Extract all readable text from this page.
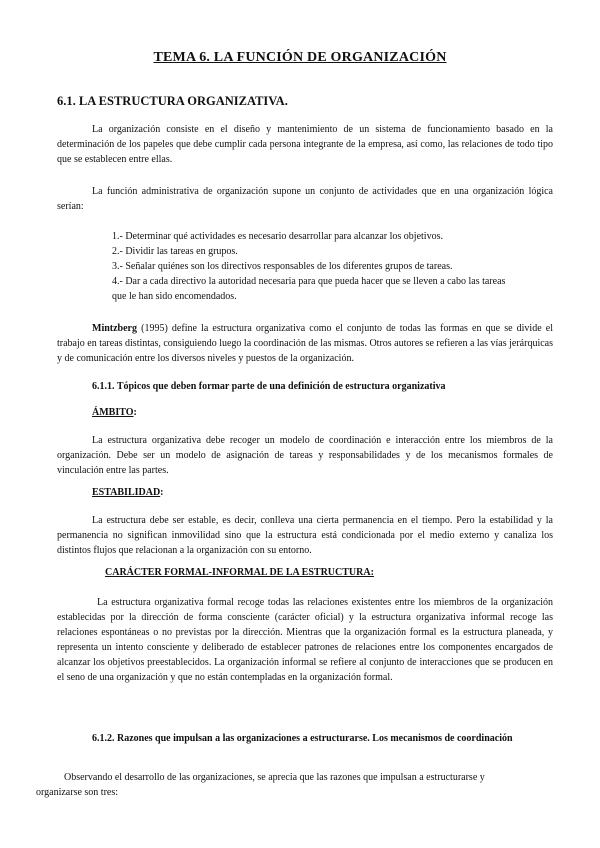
TEMA 6. LA FUNCIÓN DE ORGANIZACIÓN
6.1. LA ESTRUCTURA ORGANIZATIVA.

La organización consiste en el diseño y mantenimiento de un sistema de funcionamiento basado en la determinación de los papeles que debe cumplir cada persona integrante de la empresa, así como, las relaciones de todo tipo que se establecen entre ellas.

La función administrativa de organización supone un conjunto de actividades que en una organización lógica serían:

1.- Determinar qué actividades es necesario desarrollar para alcanzar los objetivos.

2.- Dividir las tareas en grupos.

3.- Señalar quiénes son los directivos responsables de los diferentes grupos de tareas.

4.- Dar a cada directivo la autoridad necesaria para que pueda hacer que se lleven a cabo las tareas que le han sido encomendados.

Mintzberg (1995) define la estructura organizativa como el conjunto de todas las formas en que se divide el trabajo en tareas distintas, consiguiendo luego la coordinación de las mismas. Otros autores se refieren a las vías jerárquicas y de comunicación entre los diversos niveles y puestos de la organización.

6.1.1. Tópicos que deben formar parte de una definición de estructura organizativa

ÁMBITO:

La estructura organizativa debe recoger un modelo de coordinación e interacción entre los miembros de la organización. Debe ser un modelo de asignación de tareas y responsabilidades y de los mecanismos formales de vinculación entre las partes.

ESTABILIDAD:

La estructura debe ser estable, es decir, conlleva una cierta permanencia en el tiempo. Pero la estabilidad y la permanencia no significan inmovilidad sino que la estructura está condicionada por el medio externo y canaliza los distintos flujos que relacionan a la organización con su entorno.

CARÁCTER FORMAL-INFORMAL DE LA ESTRUCTURA:

La estructura organizativa formal recoge todas las relaciones existentes entre los miembros de la organización establecidas por la dirección de forma consciente (carácter oficial) y la estructura organizativa informal recoge las relaciones espontáneas o no previstas por la dirección. Mientras que la organización formal es la estructura planeada, y representa un intento consciente y deliberado de establecer patrones de relaciones entre los componentes encargados de alcanzar los objetivos preestablecidos. La organización informal se refiere al conjunto de interacciones que se producen en el seno de una organización y que no están contempladas en la organización formal.

6.1.2. Razones que impulsan a las organizaciones a estructurarse. Los mecanismos de coordinación

Observando el desarrollo de las organizaciones, se aprecia que las razones que impulsan a estructurarse y organizarse son tres:
